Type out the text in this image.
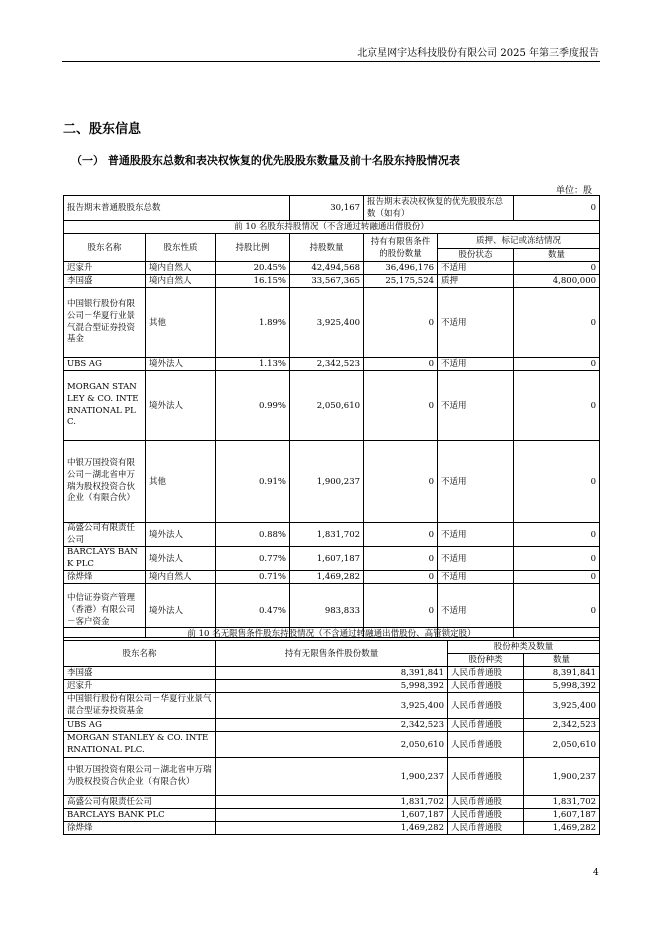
北京星网宇达科技股份有限公司 2025 年第三季度报告
二、股东信息
（一） 普通股股东总数和表决权恢复的优先股股东数量及前十名股东持股情况表
单位：股
报告期末普通股股东总数			30,167	报告期末表决权恢复的优先股股东总数（如有）		0
前 10 名股东持股情况（不含通过转融通出借股份）						
股东名称	股东性质	持股比例	持股数量	持有有限售条件的股份数量	质押、标记或冻结情况	
					股份状态	数量
迟家升	境内自然人	20.45%	42,494,568	36,496,176	不适用	0
李国盛	境内自然人	16.15%	33,567,365	25,175,524	质押	4,800,000
中国银行股份有限公司－华夏行业景气混合型证券投资基金	其他	1.89%	3,925,400	0	不适用	0
UBS AG	境外法人	1.13%	2,342,523	0	不适用	0
MORGAN STANLEY & CO. INTERNATIONAL PLC.	境外法人	0.99%	2,050,610	0	不适用	0
中银万国投资有限公司－湖北省申万瑞为股权投资合伙企业（有限合伙）	其他	0.91%	1,900,237	0	不适用	0
高盛公司有限责任公司	境外法人	0.88%	1,831,702	0	不适用	0
BARCLAYS BANK PLC	境外法人	0.77%	1,607,187	0	不适用	0
徐烨烽	境内自然人	0.71%	1,469,282	0	不适用	0
中信证券资产管理（香港）有限公司－客户资金	境外法人	0.47%	983,833	0	不适用	0
前 10 名无限售条件股东持股情况（不含通过转融通出借股份、高管锁定股）			
股东名称	持有无限售条件股份数量	股份种类及数量	
		股份种类	数量
李国盛	8,391,841	人民币普通股	8,391,841
迟家升	5,998,392	人民币普通股	5,998,392
中国银行股份有限公司－华夏行业景气混合型证券投资基金	3,925,400	人民币普通股	3,925,400
UBS AG	2,342,523	人民币普通股	2,342,523
MORGAN STANLEY & CO. INTERNATIONAL PLC.	2,050,610	人民币普通股	2,050,610
中银万国投资有限公司－湖北省申万瑞为股权投资合伙企业（有限合伙）	1,900,237	人民币普通股	1,900,237
高盛公司有限责任公司	1,831,702	人民币普通股	1,831,702
BARCLAYS BANK PLC	1,607,187	人民币普通股	1,607,187
徐烨烽	1,469,282	人民币普通股	1,469,282
4
